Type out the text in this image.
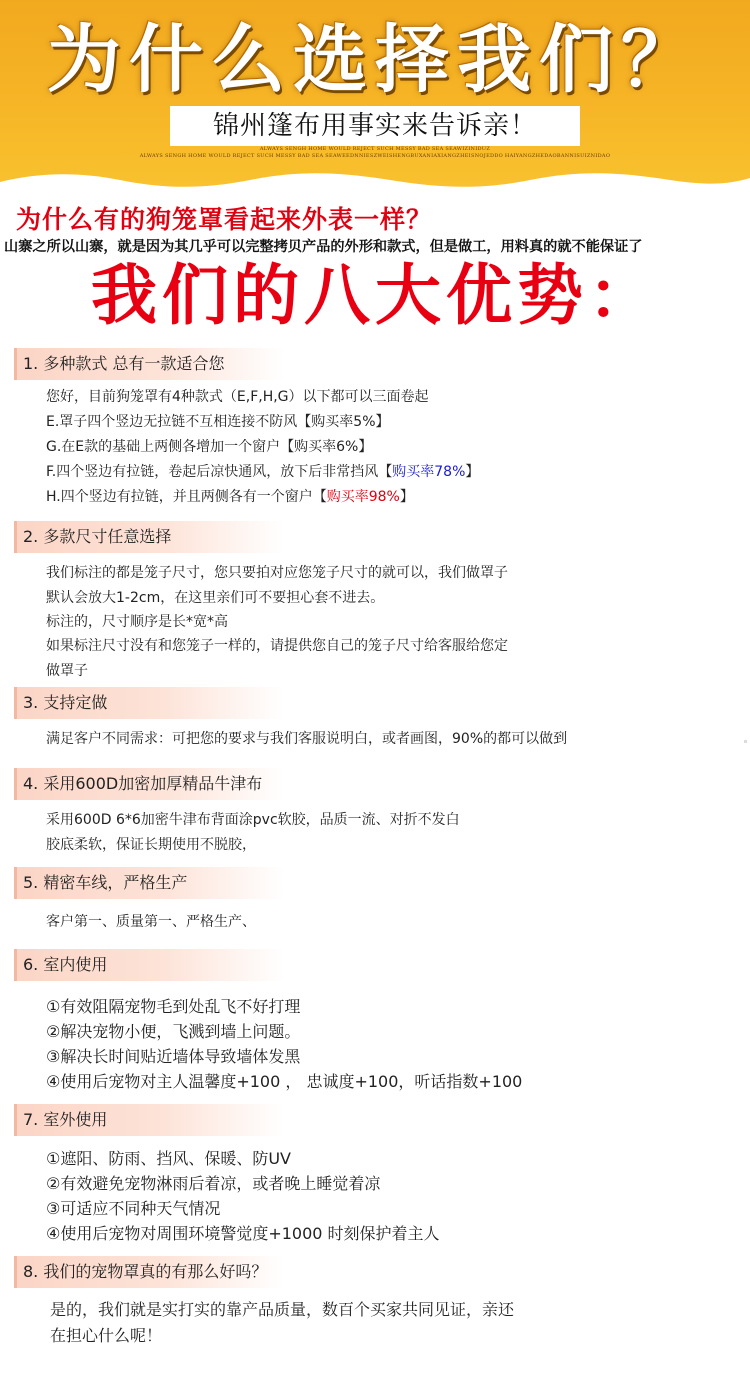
为什么选择我们？
锦州篷布用事实来告诉亲！
ALWAYS SENGH HOME WOULD REJECT SUCH MESSY BAD SEA SEAWIZINIDUZ
ALWAYS SENGH HOME WOULD REJECT SUCH MESSY BAD SEA SEAWEEDNNIESZWEISHENGBUXANIAXIANGZHEISNOJEDDO HAIYANGZHEDAOBANNISUIZNIDAO
为什么有的狗笼罩看起来外表一样？
山寨之所以山寨，就是因为其几乎可以完整拷贝产品的外形和款式，但是做工，用料真的就不能保证了
我们的八大优势：
1. 多种款式 总有一款适合您
您好，目前狗笼罩有4种款式（E,F,H,G）以下都可以三面卷起
E.罩子四个竖边无拉链不互相连接不防风【购买率5%】
G.在E款的基础上两侧各增加一个窗户【购买率6%】
F.四个竖边有拉链，卷起后凉快通风，放下后非常挡风【购买率78%】
H.四个竖边有拉链，并且两侧各有一个窗户【购买率98%】
2. 多款尺寸任意选择
我们标注的都是笼子尺寸，您只要拍对应您笼子尺寸的就可以，我们做罩子
默认会放大1-2cm，在这里亲们可不要担心套不进去。
标注的，尺寸顺序是长*宽*高
如果标注尺寸没有和您笼子一样的，请提供您自己的笼子尺寸给客服给您定
做罩子
3. 支持定做
满足客户不同需求：可把您的要求与我们客服说明白，或者画图，90%的都可以做到
4. 采用600D加密加厚精品牛津布
采用600D 6*6加密牛津布背面涂pvc软胶，品质一流、对折不发白
胶底柔软，保证长期使用不脱胶，
5. 精密车线，严格生产
客户第一、质量第一、严格生产、
6. 室内使用
①有效阻隔宠物毛到处乱飞不好打理
②解决宠物小便，飞溅到墙上问题。
③解决长时间贴近墙体导致墙体发黑
④使用后宠物对主人温馨度+100 ， 忠诚度+100，听话指数+100
7. 室外使用
①遮阳、防雨、挡风、保暖、防UV
②有效避免宠物淋雨后着凉，或者晚上睡觉着凉
③可适应不同种天气情况
④使用后宠物对周围环境警觉度+1000 时刻保护着主人
8. 我们的宠物罩真的有那么好吗？
是的，我们就是实打实的靠产品质量，数百个买家共同见证，亲还
在担心什么呢！
